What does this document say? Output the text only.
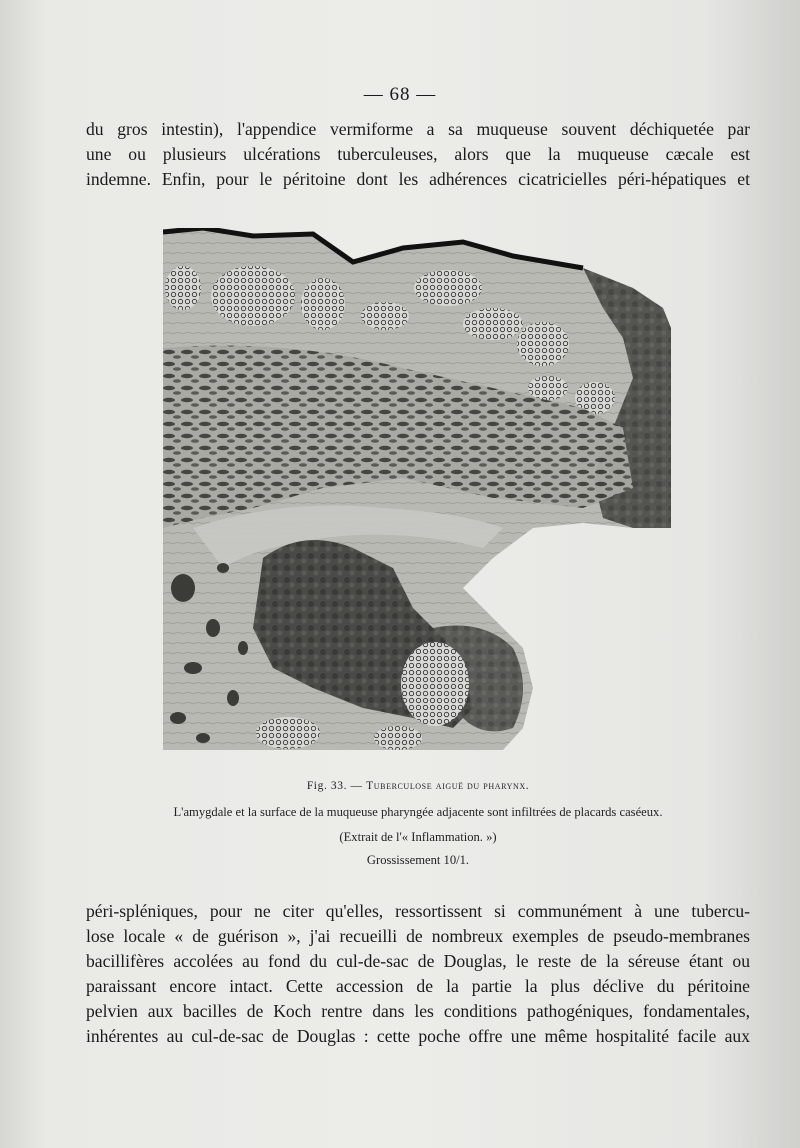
— 68 —
du gros intestin), l'appendice vermiforme a sa muqueuse souvent déchiquetée par
une ou plusieurs ulcérations tuberculeuses, alors que la muqueuse cæcale est
indemne. Enfin, pour le péritoine dont les adhérences cicatricielles péri-hépatiques et
Fig. 33. — Tuberculose aiguë du pharynx.
L'amygdale et la surface de la muqueuse pharyngée adjacente sont infiltrées de placards caséeux.
(Extrait de l'« Inflammation. »)
Grossissement 10/1.
péri-spléniques, pour ne citer qu'elles, ressortissent si communément à une tubercu-
lose locale « de guérison », j'ai recueilli de nombreux exemples de pseudo-membranes
bacillifères accolées au fond du cul-de-sac de Douglas, le reste de la séreuse étant ou
paraissant encore intact. Cette accession de la partie la plus déclive du péritoine
pelvien aux bacilles de Koch rentre dans les conditions pathogéniques, fondamentales,
inhérentes au cul-de-sac de Douglas : cette poche offre une même hospitalité facile aux
